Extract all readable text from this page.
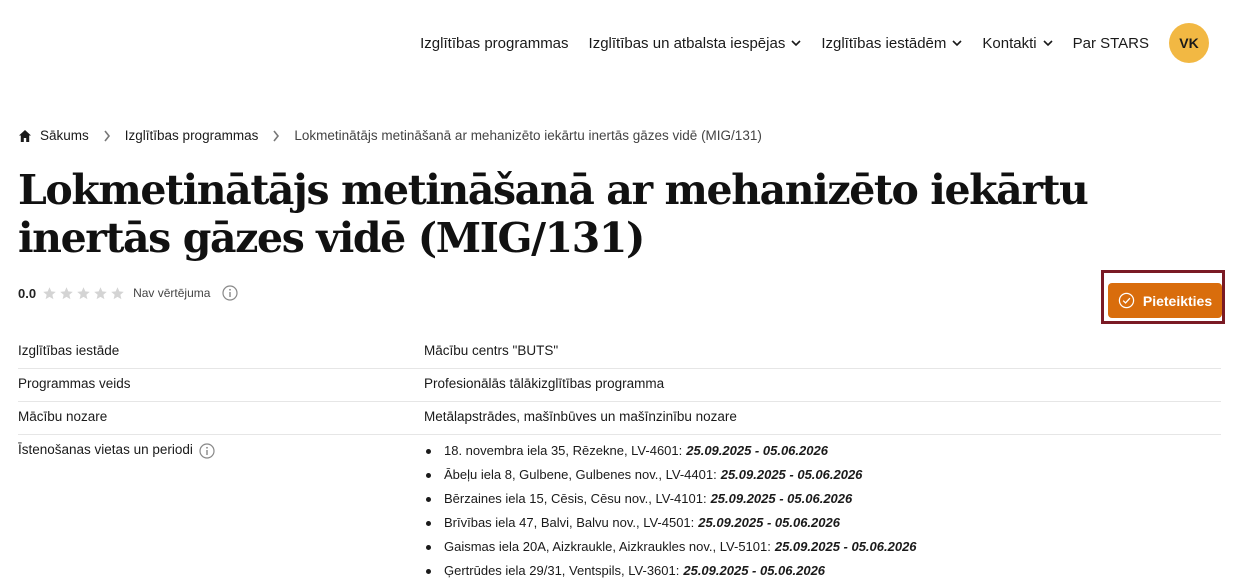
Izglītības programmas Izglītības un atbalsta iespējas Izglītības iestādēm Kontakti Par STARS	VK
Sākums	Izglītības programmas	Lokmetinātājs metināšanā ar mehanizēto iekārtu inertās gāzes vidē (MIG/131)
Lokmetinātājs metināšanā ar mehanizēto iekārtu inertās gāzes vidē (MIG/131)
0.0	Nav vērtējuma	Pieteikties
Izglītības iestāde	Mācību centrs "BUTS"
Programmas veids	Profesionālās tālākizglītības programma
Mācību nozare	Metālapstrādes, mašīnbūves un mašīnzinību nozare
Īstenošanas vietas un periodi	18. novembra iela 35, Rēzekne, LV-4601: 25.09.2025 - 05.06.2026
Ābeļu iela 8, Gulbene, Gulbenes nov., LV-4401: 25.09.2025 - 05.06.2026
Bērzaines iela 15, Cēsis, Cēsu nov., LV-4101: 25.09.2025 - 05.06.2026
Brīvības iela 47, Balvi, Balvu nov., LV-4501: 25.09.2025 - 05.06.2026
Gaismas iela 20A, Aizkraukle, Aizkraukles nov., LV-5101: 25.09.2025 - 05.06.2026
Ģertrūdes iela 29/31, Ventspils, LV-3601: 25.09.2025 - 05.06.2026
